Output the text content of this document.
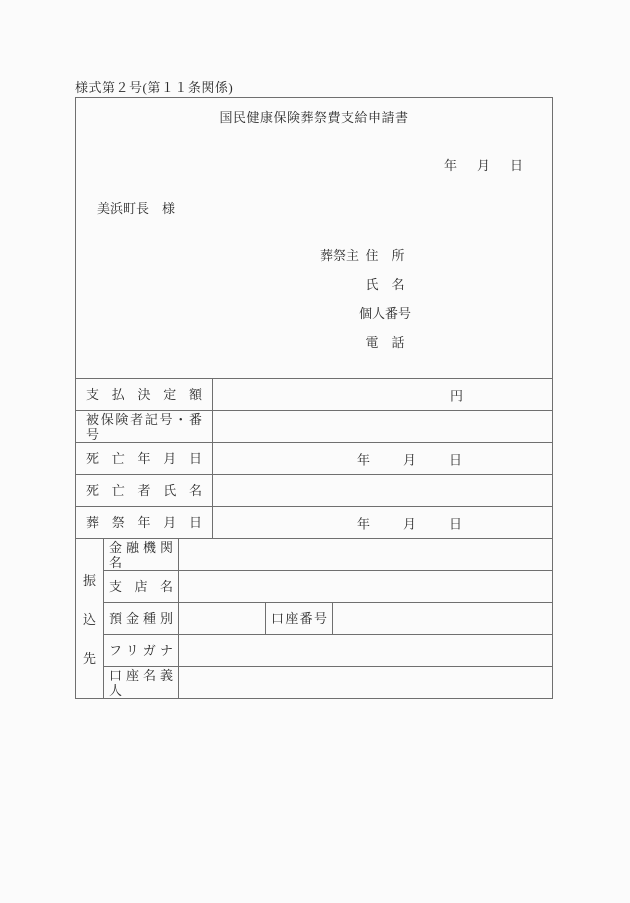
様式第２号(第１１条関係)
国民健康保険葬祭費支給申請書
年 月 日
美浜町長　様
葬祭主 住　所
氏　名
個人番号
電　話
支払決定額	円
被保険者記号・番号
死亡年月日	年	月	日
死亡者氏名
葬祭年月日	年	月	日
振
込
先
金融機関名
支店名
預金種別	口座番号
フリガナ
口座名義人
